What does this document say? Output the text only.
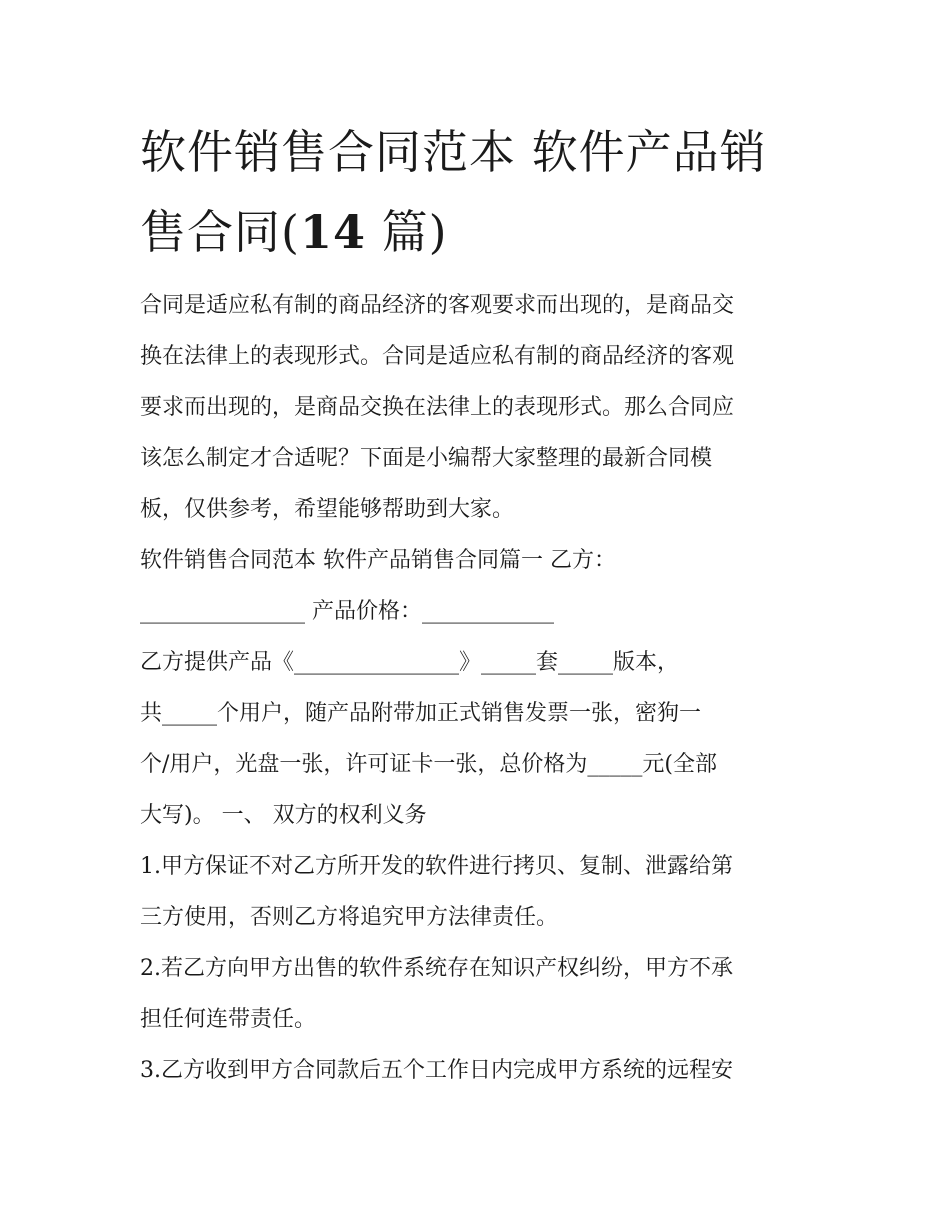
软件销售合同范本 软件产品销
售合同(14 篇)

合同是适应私有制的商品经济的客观要求而出现的，是商品交

换在法律上的表现形式。合同是适应私有制的商品经济的客观

要求而出现的，是商品交换在法律上的表现形式。那么合同应

该怎么制定才合适呢？下面是小编帮大家整理的最新合同模

板，仅供参考，希望能够帮助到大家。

软件销售合同范本 软件产品销售合同篇一 乙方：

_______________ 产品价格：____________

乙方提供产品《_______________》_____套_____版本，

共_____个用户，随产品附带加正式销售发票一张，密狗一

个/用户，光盘一张，许可证卡一张，总价格为_____元(全部

大写)。 一、 双方的权利义务

1.甲方保证不对乙方所开发的软件进行拷贝、复制、泄露给第

三方使用，否则乙方将追究甲方法律责任。

2.若乙方向甲方出售的软件系统存在知识产权纠纷，甲方不承

担任何连带责任。

3.乙方收到甲方合同款后五个工作日内完成甲方系统的远程安
